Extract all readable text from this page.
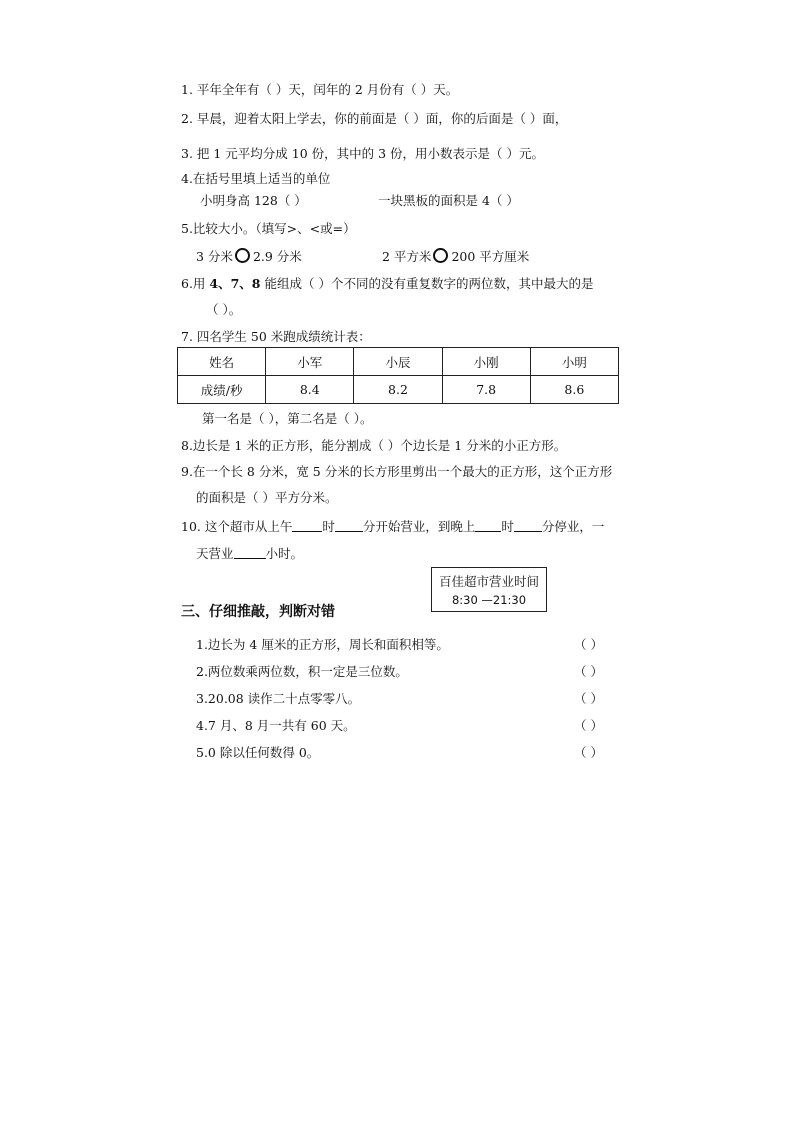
1. 平年全年有（ ）天，闰年的 2 月份有（ ）天。
2. 早晨，迎着太阳上学去，你的前面是（ ）面，你的后面是（ ）面，
3. 把 1 元平均分成 10 份，其中的 3 份，用小数表示是（ ）元。
4.在括号里填上适当的单位
小明身高 128（ ）	一块黑板的面积是 4（ ）
5.比较大小。（填写>、<或=）
3 分米 2.9 分米	2 平方米 200 平方厘米
6.用 4、7、8 能组成（ ）个不同的没有重复数字的两位数，其中最大的是
（ ）。
7. 四名学生 50 米跑成绩统计表：
姓名	小军	小辰	小刚	小明
成绩/秒	8.4	8.2	7.8	8.6
第一名是（ ），第二名是（ ）。
8.边长是 1 米的正方形，能分割成（ ）个边长是 1 分米的小正方形。
9.在一个长 8 分米，宽 5 分米的长方形里剪出一个最大的正方形，这个正方形
的面积是（ ）平方分米。
10. 这个超市从上午 时 分开始营业，到晚上 时 分停业，一
天营业	小时。
百佳超市营业时间
8:30 —21:30
三、仔细推敲，判断对错
1.边长为 4 厘米的正方形，周长和面积相等。	（ ）
2.两位数乘两位数，积一定是三位数。	（ ）
3.20.08 读作二十点零零八。	（ ）
4.7 月、8 月一共有 60 天。	（ ）
5.0 除以任何数得 0。	（ ）
